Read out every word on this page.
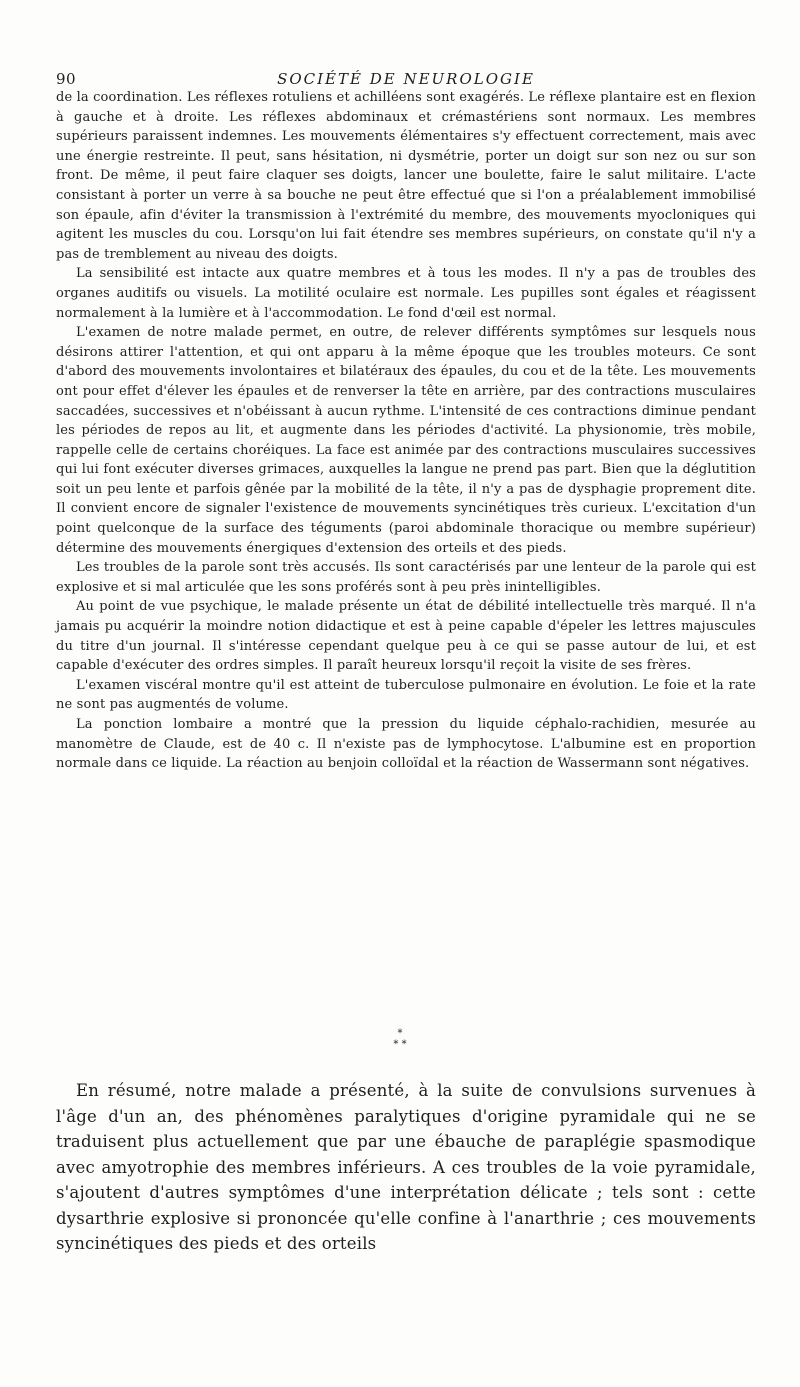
90	SOCIÉTÉ DE NEUROLOGIE

de la coordination. Les réflexes rotuliens et achilléens sont exagérés. Le réflexe plantaire est en flexion à gauche et à droite. Les réflexes abdominaux et crémastériens sont normaux. Les membres supérieurs paraissent indemnes. Les mouvements élémentaires s'y effectuent correctement, mais avec une énergie restreinte. Il peut, sans hésitation, ni dysmétrie, porter un doigt sur son nez ou sur son front. De même, il peut faire claquer ses doigts, lancer une boulette, faire le salut militaire. L'acte consistant à porter un verre à sa bouche ne peut être effectué que si l'on a préalablement immobilisé son épaule, afin d'éviter la transmission à l'extrémité du membre, des mouvements myocloniques qui agitent les muscles du cou. Lorsqu'on lui fait étendre ses membres supérieurs, on constate qu'il n'y a pas de tremblement au niveau des doigts.

La sensibilité est intacte aux quatre membres et à tous les modes. Il n'y a pas de troubles des organes auditifs ou visuels. La motilité oculaire est normale. Les pupilles sont égales et réagissent normalement à la lumière et à l'accommodation. Le fond d'œil est normal.

L'examen de notre malade permet, en outre, de relever différents symptômes sur lesquels nous désirons attirer l'attention, et qui ont apparu à la même époque que les troubles moteurs. Ce sont d'abord des mouvements involontaires et bilatéraux des épaules, du cou et de la tête. Les mouvements ont pour effet d'élever les épaules et de renverser la tête en arrière, par des contractions musculaires saccadées, successives et n'obéissant à aucun rythme. L'intensité de ces contractions diminue pendant les périodes de repos au lit, et augmente dans les périodes d'activité. La physionomie, très mobile, rappelle celle de certains choréiques. La face est animée par des contractions musculaires successives qui lui font exécuter diverses grimaces, auxquelles la langue ne prend pas part. Bien que la déglutition soit un peu lente et parfois gênée par la mobilité de la tête, il n'y a pas de dysphagie proprement dite. Il convient encore de signaler l'existence de mouvements syncinétiques très curieux. L'excitation d'un point quelconque de la surface des téguments (paroi abdominale thoracique ou membre supérieur) détermine des mouvements énergiques d'extension des orteils et des pieds.

Les troubles de la parole sont très accusés. Ils sont caractérisés par une lenteur de la parole qui est explosive et si mal articulée que les sons proférés sont à peu près inintelligibles.

Au point de vue psychique, le malade présente un état de débilité intellectuelle très marqué. Il n'a jamais pu acquérir la moindre notion didactique et est à peine capable d'épeler les lettres majuscules du titre d'un journal. Il s'intéresse cependant quelque peu à ce qui se passe autour de lui, et est capable d'exécuter des ordres simples. Il paraît heureux lorsqu'il reçoit la visite de ses frères.

L'examen viscéral montre qu'il est atteint de tuberculose pulmonaire en évolution. Le foie et la rate ne sont pas augmentés de volume.

La ponction lombaire a montré que la pression du liquide céphalo-rachidien, mesurée au manomètre de Claude, est de 40 c. Il n'existe pas de lymphocytose. L'albumine est en proportion normale dans ce liquide. La réaction au benjoin colloïdal et la réaction de Wassermann sont négatives.

*
* *

En résumé, notre malade a présenté, à la suite de convulsions survenues à l'âge d'un an, des phénomènes paralytiques d'origine pyramidale qui ne se traduisent plus actuellement que par une ébauche de paraplégie spasmodique avec amyotrophie des membres inférieurs. A ces troubles de la voie pyramidale, s'ajoutent d'autres symptômes d'une interprétation délicate ; tels sont : cette dysarthrie explosive si prononcée qu'elle confine à l'anarthrie ; ces mouvements syncinétiques des pieds et des orteils
